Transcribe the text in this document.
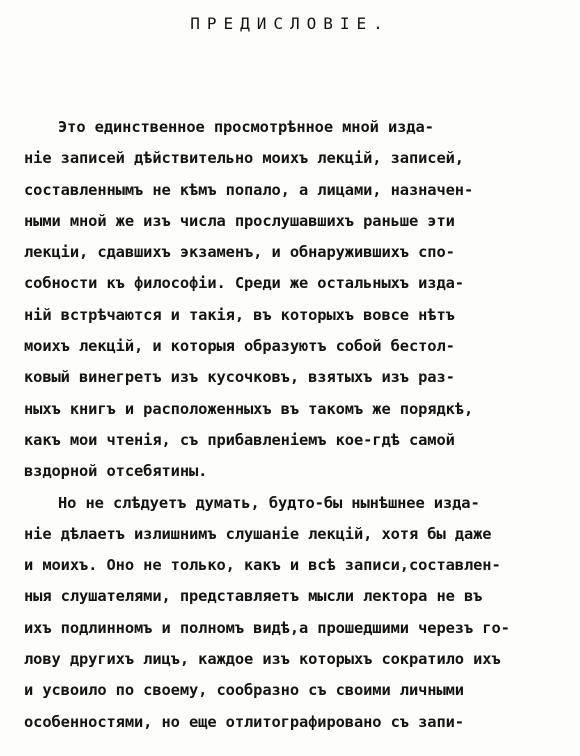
ПРЕДИСЛОВІЕ.
Это единственное просмотрѣнное мной изда-
ніе записей дѣйствительно моихъ лекцій, записей,
составленнымъ не кѣмъ попало, а лицами, назначен-
ными мной же изъ числа прослушавшихъ раньше эти
лекціи, сдавшихъ экзаменъ, и обнаружившихъ спо-
собности къ философіи. Среди же остальныхъ изда-
ній встрѣчаются и такія, въ которыхъ вовсе нѣтъ
моихъ лекцій, и которыя образуютъ собой бестол-
ковый винегретъ изъ кусочковъ, взятыхъ изъ раз-
ныхъ книгъ и расположенныхъ въ такомъ же порядкѣ,
какъ мои чтенія, съ прибавленіемъ кое-гдѣ самой
вздорной отсебятины.
Но не слѣдуетъ думать, будто-бы нынѣшнее изда-
ніе дѣлаетъ излишнимъ слушаніе лекцій, хотя бы даже
и моихъ. Оно не только, какъ и всѣ записи,составлен-
ныя слушателями, представляетъ мысли лектора не въ
ихъ подлинномъ и полномъ видѣ,а прошедшими черезъ го-
лову другихъ лицъ, каждое изъ которыхъ сократило ихъ
и усвоило по своему, сообразно съ своими личными
особенностями, но еще отлитографировано съ запи-
